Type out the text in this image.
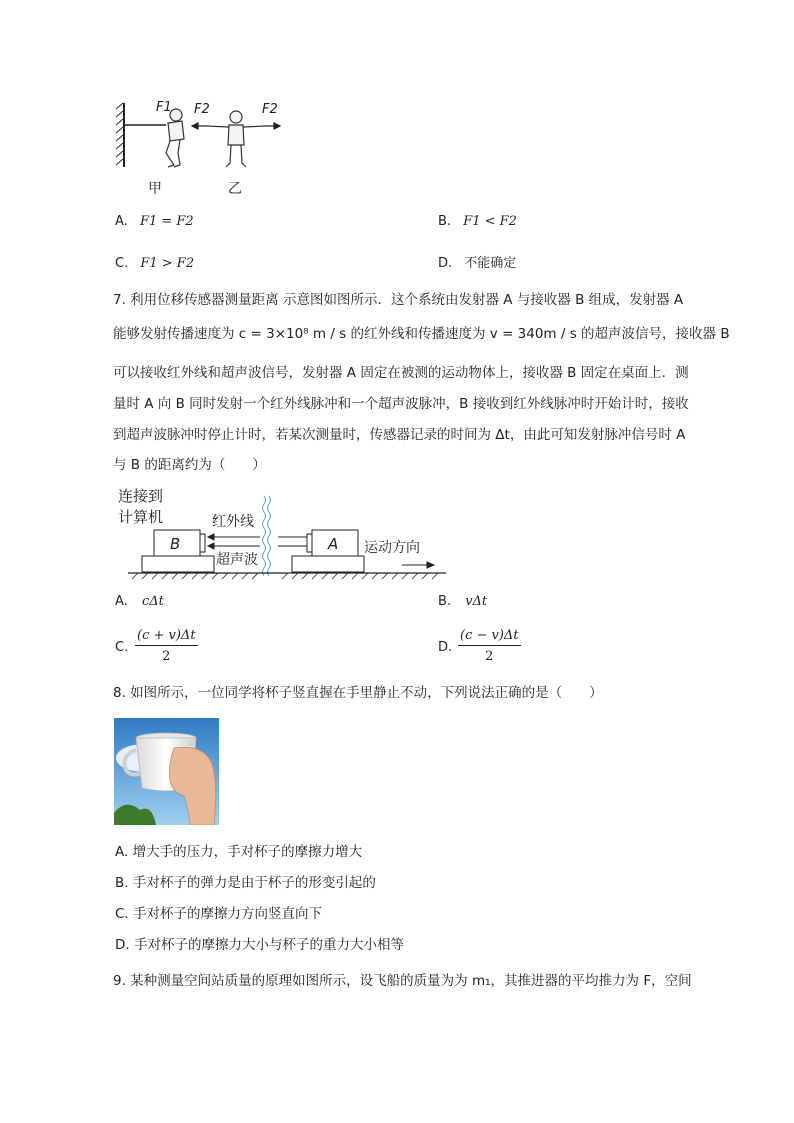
F1 F2	F2
甲	乙
A. F1 = F2	B. F1 < F2
C. F1 > F2	D. 不能确定
7. 利用位移传感器测量距离 示意图如图所示．这个系统由发射器 A 与接收器 B 组成，发射器 A
能够发射传播速度为 c = 3×10⁸ m / s 的红外线和传播速度为 v = 340m / s 的超声波信号，接收器 B
可以接收红外线和超声波信号，发射器 A 固定在被测的运动物体上，接收器 B 固定在桌面上．测
量时 A 向 B 同时发射一个红外线脉冲和一个超声波脉冲，B 接收到红外线脉冲时开始计时，接收
到超声波脉冲时停止计时，若某次测量时，传感器记录的时间为 Δt，由此可知发射脉冲信号时 A
与 B 的距离约为（　　）
连接到
计算机
B
红外线
超声波
A 运动方向
A. cΔt	B. vΔt
C. $\frac{(c + v)\Delta t}{2}$	D. $\frac{(c - v)\Delta t}{2}$
8. 如图所示，一位同学将杯子竖直握在手里静止不动，下列说法正确的是（　　）
A. 增大手的压力，手对杯子的摩擦力增大
B. 手对杯子的弹力是由于杯子的形变引起的
C. 手对杯子的摩擦力方向竖直向下
D. 手对杯子的摩擦力大小与杯子的重力大小相等
9. 某种测量空间站质量的原理如图所示，设飞船的质量为为 m₁，其推进器的平均推力为 F，空间
